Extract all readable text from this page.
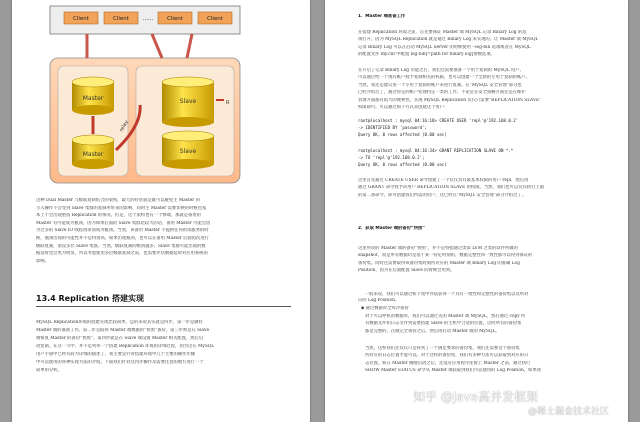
Client	Client	Client	Client
......
Master
Master
relay
Slave
Slave
R
这种 Dual Master 与级联复制结合的架构，最大的好处就是既可以避免主 Master 的
写入操作不会受到 Slave 集群的复制所带来的影响，同时主 Master 需要切换的时候也基
本上不会出现重搭 Replication 的情况。但是，这个架构也有一个弊端，那就是备用的
Master 有可能成为瓶颈，因为如果后面的 Slave 集群比较大的话，备用 Master 可能会因
为过多的 Slave IO 线程请求而成为瓶颈。当然，该备用 Master 不提供任何的读服务的时
候，瓶颈出现的可能性并不是特别高，如果出现瓶颈，也可以在备用 Master 后面再次进行
级联复制，架设多层 Slave 集群。当然，级联复制的级别越多，Slave 集群可能出现的数
据延时也会更为明显，所以考虑使用多层级联复制之前，也需要评估数据延时对应用系统的
影响。
13.4 Replication 搭建实现
MySQL Replication环境的搭建实现比较简单，总的来说其实就是四步，第一步是做好
Master 端的准备工作。第二步是取得 Master 端数据的“快照”备份。第三步则是在 Slave
端恢复 Master 的备份“快照”。第四步就是在 Slave 端设置 Master 相关配置，然后启
动复制。在这一节中，并不是列举一个搭建 Replication 环境的详细过程，因为这在 MySQL
用户手册中已经有较为详细的描述了，我主要是针对搭建环境中几个主要的操作步骤
中可以使用的各种实现方法的介绍。下面我们针对这四步操作及需要注意的地方进行一个
简单的分析。
1．Master 端准备工作
在搭建 Replication 环境之前，首先要保证 Master 端 MySQL 记录 Binary Log 的选
项打开，因为 MySQL Replication 就是通过 Binary Log 来实现的。让 Master 端 MySQL
记录 Binary Log 可以在启动 MySQL Server 的时候使用 --log-bin 选项或者在 MySQL
的配置文件 my.cnf 中配置 log-bin[=path for binary log]参数选项。
在开启了记录 Binary Log 功能之后，我们还需要准备一个用于复制的 MySQL 用户。
可以通过给一个现有帐户授予复制相关的权限，也可以创建一个全新的专用于复制的帐户。
当然，我还是建议用一个专用于复制的帐户来进行复制。在“MySQL 安全管理”部分也
已经介绍过了，通过特定的帐户处理特定一类的工作，不论是在安全策略方面还是在维护
管理方面都有很大的便利性。实现 MySQL Replication 仅仅只需要“REPLICATION SLAVE”
权限即可。可以通过如下方式来创建这个用户：
root@localhost : mysql 04:16:18> CREATE USER 'repl'@'192.168.0.2'
-> IDENTIFIED BY 'password';
Query OK, 0 rows affected (0.00 sec)
root@localhost : mysql 04:16:34> GRANT REPLICATION SLAVE ON *.*
-> TO 'repl'@'192.168.0.2';
Query OK, 0 rows affected (0.00 sec)
这里首先通过 CREATE USER 命令创建了一个仅仅具有最基本权限的用户 repl，然后再
通过 GRANT 命令授予该用户 REPLICATION SLAVE 的权限。当然，我们也可以仅仅执行上面
的第二条命令，即可创建我们所需的用户，这已经在“MySQL 安全管理”部分介绍过了。
2．获取 Master 端的备份“快照”
这里所说的 Master 端的备份“快照”，并不是特指通过类似 LVM 之类的软件所做的
snapshot，而是所有数据均是基于某一特定时刻的，数据完整性和一致性都可以得到保证的
备份集。同时还需要取得该备份集时刻所对应的 Master 端 Binary Log 的准确 Log
Position，因为在后面配置 Slave 的时候会用到。
一般来说，我们可以通过如下集中办法获得一个具有一致性和完整性的备份集以及所对
应的 Log Position。
◆ 通过数据库全库冷备份
对于可以停机的数据库，我们可以通过关闭 Master 端 MySQL，然后通过 copy 所
有数据文件和日志文件到需要搭建 Slave 的主机中合适的位置，这时所有的备份集
都是完整的，在做完全备份之后，然后再启动 Master 端的 MySQL。
当然，这样我们还仅仅只是得到了一个满足要求的备份集，我们还需要这个备份集
所对应的日志位置才能可以。对于这样的备份集，我们有多种方法可以获取到对应的日
志位置。如在 Master 刚刚启动之后，还没有应用程序连接上 Master 之前，通过执行
SHOW Master STATUS 命令从 Master 端获取到我们可以使用的 Log Position，如果我
知乎 @java高并发框架
@稀土掘金技术社区
